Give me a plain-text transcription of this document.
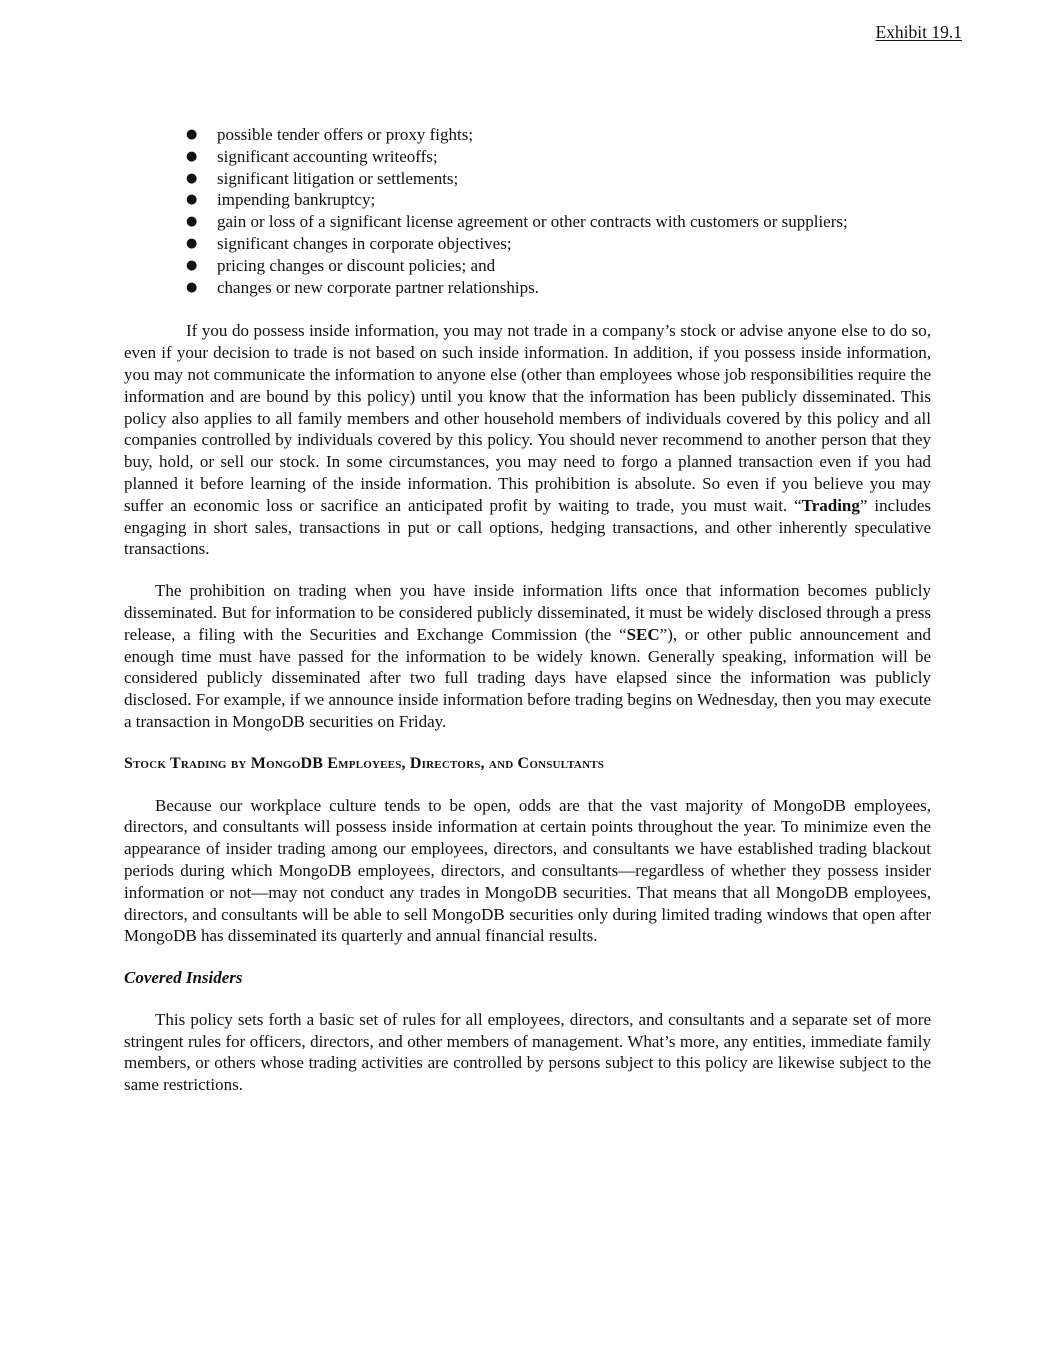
Exhibit 19.1
● possible tender offers or proxy fights;
● significant accounting writeoffs;
● significant litigation or settlements;
● impending bankruptcy;
● gain or loss of a significant license agreement or other contracts with customers or suppliers;
● significant changes in corporate objectives;
● pricing changes or discount policies; and
● changes or new corporate partner relationships.

If you do possess inside information, you may not trade in a company’s stock or advise anyone else to do so, even if your decision to trade is not based on such inside information. In addition, if you possess inside information, you may not communicate the information to anyone else (other than employees whose job responsibilities require the information and are bound by this policy) until you know that the information has been publicly disseminated. This policy also applies to all family members and other household members of individuals covered by this policy and all companies controlled by individuals covered by this policy. You should never recommend to another person that they buy, hold, or sell our stock. In some circumstances, you may need to forgo a planned transaction even if you had planned it before learning of the inside information. This prohibition is absolute. So even if you believe you may suffer an economic loss or sacrifice an anticipated profit by waiting to trade, you must wait. “Trading” includes engaging in short sales, transactions in put or call options, hedging transactions, and other inherently speculative transactions.

The prohibition on trading when you have inside information lifts once that information becomes publicly disseminated. But for information to be considered publicly disseminated, it must be widely disclosed through a press release, a filing with the Securities and Exchange Commission (the “SEC”), or other public announcement and enough time must have passed for the information to be widely known. Generally speaking, information will be considered publicly disseminated after two full trading days have elapsed since the information was publicly disclosed. For example, if we announce inside information before trading begins on Wednesday, then you may execute a transaction in MongoDB securities on Friday.

Stock Trading by MongoDB Employees, Directors, and Consultants

Because our workplace culture tends to be open, odds are that the vast majority of MongoDB employees, directors, and consultants will possess inside information at certain points throughout the year. To minimize even the appearance of insider trading among our employees, directors, and consultants we have established trading blackout periods during which MongoDB employees, directors, and consultants—regardless of whether they possess insider information or not—may not conduct any trades in MongoDB securities. That means that all MongoDB employees, directors, and consultants will be able to sell MongoDB securities only during limited trading windows that open after MongoDB has disseminated its quarterly and annual financial results.

Covered Insiders

This policy sets forth a basic set of rules for all employees, directors, and consultants and a separate set of more stringent rules for officers, directors, and other members of management. What’s more, any entities, immediate family members, or others whose trading activities are controlled by persons subject to this policy are likewise subject to the same restrictions.
